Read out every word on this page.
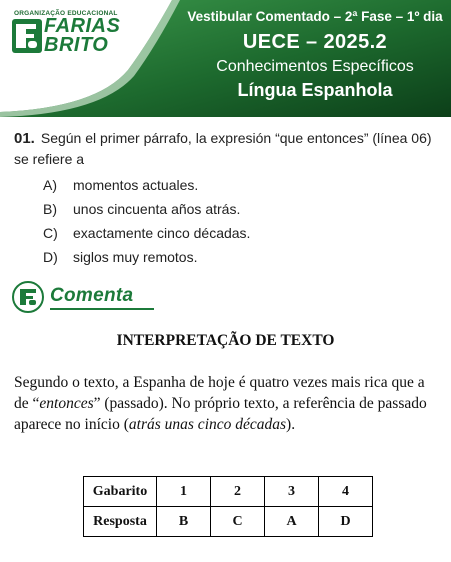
ORGANIZAÇÃO EDUCACIONAL
FARIAS
BRITO
Vestibular Comentado – 2ª Fase – 1º dia
UECE – 2025.2
Conhecimentos Específicos
Língua Espanhola
01. Según el primer párrafo, la expresión “que entonces” (línea 06) se refiere a
A) momentos actuales.
B) unos cincuenta años atrás.
C) exactamente cinco décadas.
D) siglos muy remotos.
Comenta
INTERPRETAÇÃO DE TEXTO
Segundo o texto, a Espanha de hoje é quatro vezes mais rica que a de “entonces” (passado). No próprio texto, a referência de passado aparece no início (atrás unas cinco décadas).
Gabarito	1	2	3	4
Resposta	B	C	A	D
